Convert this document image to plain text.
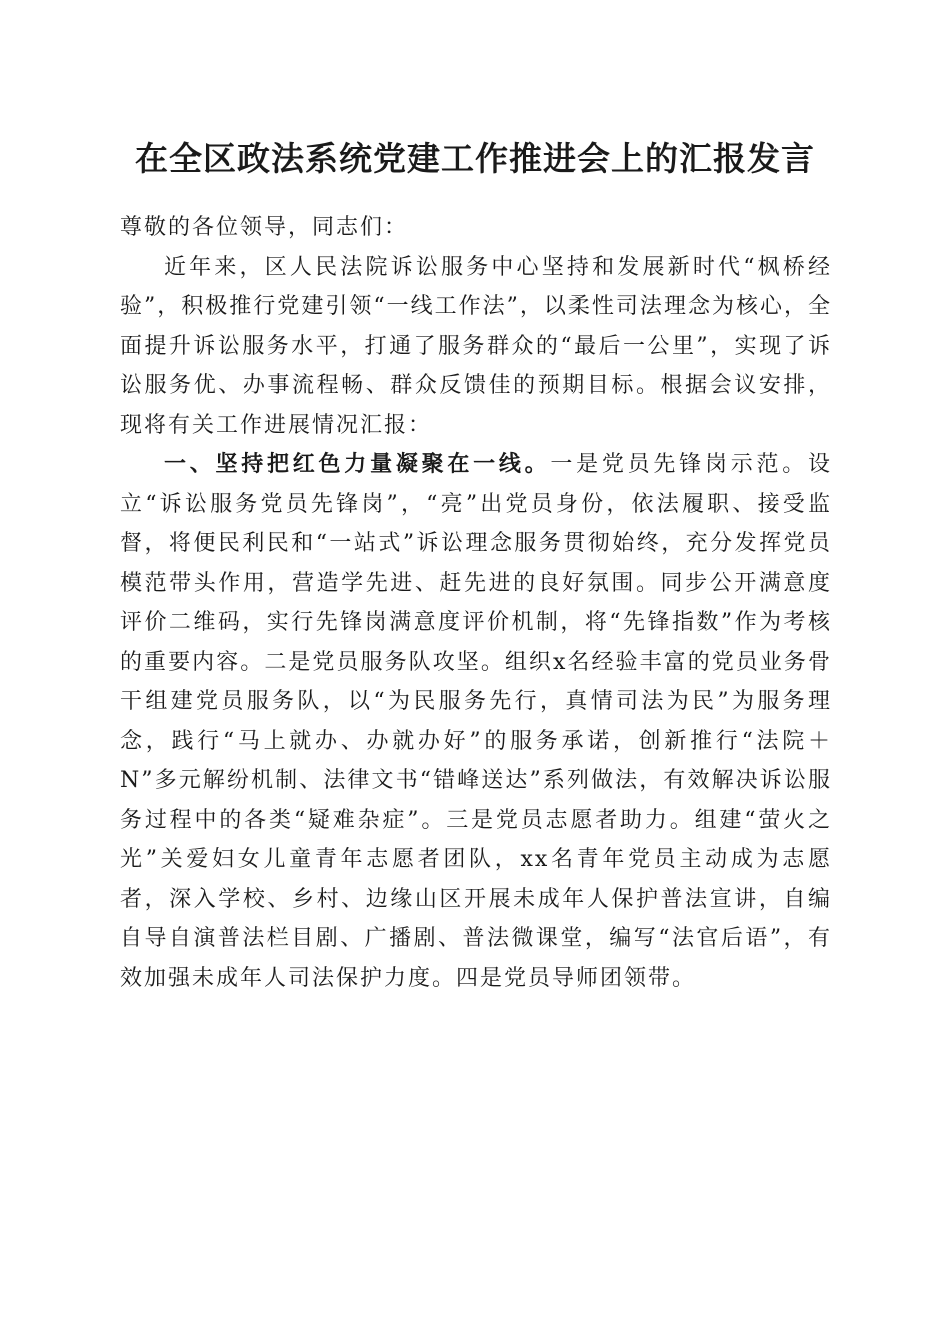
在全区政法系统党建工作推进会上的汇报发言

尊敬的各位领导，同志们：

近年来，区人民法院诉讼服务中心坚持和发展新时代“枫桥经验”，积极推行党建引领“一线工作法”，以柔性司法理念为核心，全面提升诉讼服务水平，打通了服务群众的“最后一公里”，实现了诉讼服务优、办事流程畅、群众反馈佳的预期目标。根据会议安排，现将有关工作进展情况汇报：

一、坚持把红色力量凝聚在一线。一是党员先锋岗示范。设立“诉讼服务党员先锋岗”，“亮”出党员身份，依法履职、接受监督，将便民利民和“一站式”诉讼理念服务贯彻始终，充分发挥党员模范带头作用，营造学先进、赶先进的良好氛围。同步公开满意度评价二维码，实行先锋岗满意度评价机制，将“先锋指数”作为考核的重要内容。二是党员服务队攻坚。组织x名经验丰富的党员业务骨干组建党员服务队，以“为民服务先行，真情司法为民”为服务理念，践行“马上就办、办就办好”的服务承诺，创新推行“法院＋N”多元解纷机制、法律文书“错峰送达”系列做法，有效解决诉讼服务过程中的各类“疑难杂症”。三是党员志愿者助力。组建“萤火之光”关爱妇女儿童青年志愿者团队，xx名青年党员主动成为志愿者，深入学校、乡村、边缘山区开展未成年人保护普法宣讲，自编自导自演普法栏目剧、广播剧、普法微课堂，编写“法官后语”，有效加强未成年人司法保护力度。四是党员导师团领带。
